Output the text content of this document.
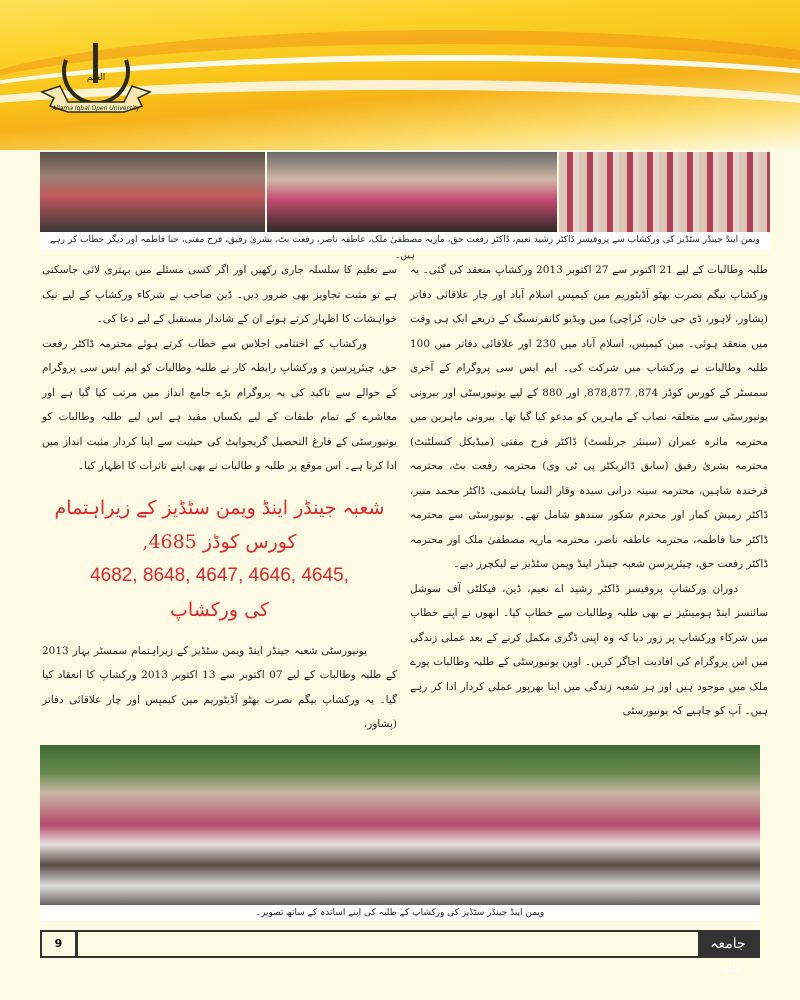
العلم
Allama Iqbal Open University
ویمن اینڈ جینڈر سٹڈیز کی ورکشاپ سے پروفیسر ڈاکٹر رشید نعیم، ڈاکٹر رفعت حق، ماریہ مصطفیٰ ملک، عاطفہ ناصر، رفعت بٹ، بشریٰ رفیق، فرح مفتی، حنا فاطمہ اور دیگر خطاب کر رہے ہیں۔

طلبہ وطالبات کے لیے 21 اکتوبر سے 27 اکتوبر 2013 ورکشاپ منعقد کی گئی۔ یہ ورکشاپ بیگم نصرت بھٹو آڈیٹوریم مین کیمپس اسلام آباد اور چار علاقائی دفاتر (پشاور، لاہور، ڈی جی خان، کراچی) میں ویڈیو کانفرنسنگ کے ذریعے ایک ہی وقت میں منعقد ہوئی۔ مین کیمپس، اسلام آباد میں 230 اور علاقائی دفاتر میں 100 طلبہ وطالبات نے ورکشاپ میں شرکت کی۔ ایم ایس سی پروگرام کے آخری سمسٹر کے کورس کوڈز 874, 878,877, اور 880 کے لیے یونیورسٹی اور بیرونی یونیورسٹی سے متعلقہ نصاب کے ماہرین کو مدعو کیا گیا تھا۔ بیرونی ماہرین میں محترمہ مائرہ عمران (سینئر جرنلسٹ) ڈاکٹر فرح مفتی (میڈیکل کنسلٹنٹ) محترمہ بشریٰ رفیق (سابق ڈائریکٹر پی ٹی وی) محترمہ رفعت بٹ، محترمہ فرخندہ شاہین، محترمہ سینہ درانی سیدہ وقار النسا ہاشمی، ڈاکٹر محمد منیر، ڈاکٹر رمیش کمار اور محترم شکور سندھو شامل تھے۔ یونیورسٹی سے محترمہ ڈاکٹر حنا فاطمہ، محترمہ عاطفہ ناصر، محترمہ ماریہ مصطفیٰ ملک اور محترمہ ڈاکٹر رفعت حق، چیئرپرسن شعبہ جینڈر اینڈ ویمن سٹڈیز نے لیکچرز دیے۔

دوران ورکشاپ پروفیسر ڈاکٹر رشید اے نعیم، ڈین، فیکلٹی آف سوشل سائنسز اینڈ ہومینٹیز نے بھی طلبہ وطالبات سے خطاب کیا۔ انھوں نے اپنے خطاب میں شرکاء ورکشاپ پر زور دیا کہ وہ اپنی ڈگری مکمل کرنے کے بعد عملی زندگی میں اس پروگرام کی افادیت اجاگر کریں۔ اوپن یونیورسٹی کے طلبہ وطالبات پورے ملک میں موجود ہیں اور ہر شعبہ زندگی میں اپنا بھرپور عملی کردار ادا کر رہے ہیں۔ آپ کو چاہیے کہ یونیورسٹی

سے تعلیم کا سلسلہ جاری رکھیں اور اگر کسی مسئلے میں بہتری لائی جاسکتی ہے تو مثبت تجاویز بھی ضرور دیں۔ ڈین صاحب نے شرکاء ورکشاپ کے لیے نیک خواہشات کا اظہار کرتے ہوئے ان کے شاندار مستقبل کے لیے دعا کی۔

ورکشاپ کے اختتامی اجلاس سے خطاب کرتے ہوئے محترمہ ڈاکٹر رفعت حق، چیئرپرسن و ورکشاپ رابطہ کار نے طلبہ وطالبات کو ایم ایس سی پروگرام کے حوالے سے تاکید کی یہ پروگرام بڑے جامع انداز میں مرتب کیا گیا ہے اور معاشرے کے تمام طبقات کے لیے یکساں مفید ہے اس لیے طلبہ وطالبات کو یونیورسٹی کے فارغ التحصیل گریجوایٹ کی حیثیت سے اپنا کردار مثبت انداز میں ادا کرنا ہے۔ اس موقع پر طلبہ و طالبات نے بھی اپنے تاثرات کا اظہار کیا۔

شعبہ جینڈر اینڈ ویمن سٹڈیز کے زیراہتمام کورس کوڈز 4685,
4682, 8648, 4647, 4646, 4645,
کی ورکشاپ

یونیورسٹی شعبہ جینڈر اینڈ ویمن سٹڈیز کے زیراہتمام سمسٹر بہار 2013 کے طلبہ وطالبات کے لیے 07 اکتوبر سے 13 اکتوبر 2013 ورکشاپ کا انعقاد کیا گیا۔ یہ ورکشاپ بیگم نصرت بھٹو آڈیٹوریم مین کیمپس اور چار علاقائی دفاتر (پشاور،

ویمن اینڈ جینڈر سٹڈیز کی ورکشاپ کے طلبہ کی اپنے اساتذہ کے ساتھ تصویر۔
9	جامعہ نامہ
